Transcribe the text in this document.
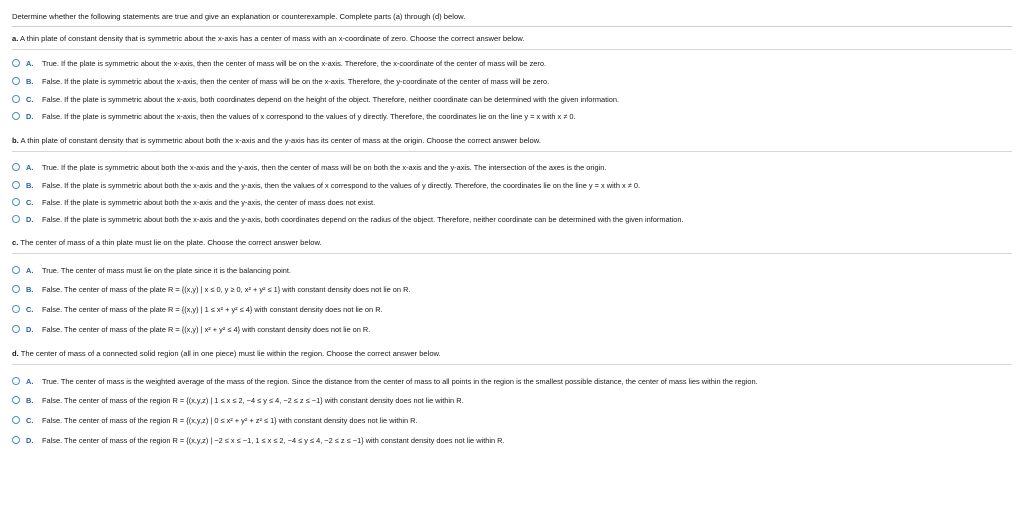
Determine whether the following statements are true and give an explanation or counterexample. Complete parts (a) through (d) below.
a. A thin plate of constant density that is symmetric about the x-axis has a center of mass with an x-coordinate of zero. Choose the correct answer below.
A.	True. If the plate is symmetric about the x-axis, then the center of mass will be on the x-axis. Therefore, the x-coordinate of the center of mass will be zero.
B.	False. If the plate is symmetric about the x-axis, then the center of mass will be on the x-axis. Therefore, the y-coordinate of the center of mass will be zero.
C.	False. If the plate is symmetric about the x-axis, both coordinates depend on the height of the object. Therefore, neither coordinate can be determined with the given information.
D.	False. If the plate is symmetric about the x-axis, then the values of x correspond to the values of y directly. Therefore, the coordinates lie on the line y = x with x ≠ 0.
b. A thin plate of constant density that is symmetric about both the x-axis and the y-axis has its center of mass at the origin. Choose the correct answer below.
A.	True. If the plate is symmetric about both the x-axis and the y-axis, then the center of mass will be on both the x-axis and the y-axis. The intersection of the axes is the origin.
B.	False. If the plate is symmetric about both the x-axis and the y-axis, then the values of x correspond to the values of y directly. Therefore, the coordinates lie on the line y = x with x ≠ 0.
C.	False. If the plate is symmetric about both the x-axis and the y-axis, the center of mass does not exist.
D.	False. If the plate is symmetric about both the x-axis and the y-axis, both coordinates depend on the radius of the object. Therefore, neither coordinate can be determined with the given information.
c. The center of mass of a thin plate must lie on the plate. Choose the correct answer below.
A.	True. The center of mass must lie on the plate since it is the balancing point.
B.	False. The center of mass of the plate R = {(x,y) | x ≤ 0, y ≥ 0, x² + y² ≤ 1} with constant density does not lie on R.
C.	False. The center of mass of the plate R = {(x,y) | 1 ≤ x² + y² ≤ 4} with constant density does not lie on R.
D.	False. The center of mass of the plate R = {(x,y) | x² + y² ≤ 4} with constant density does not lie on R.
d. The center of mass of a connected solid region (all in one piece) must lie within the region. Choose the correct answer below.
A.	True. The center of mass is the weighted average of the mass of the region. Since the distance from the center of mass to all points in the region is the smallest possible distance, the center of mass lies within the region.
B.	False. The center of mass of the region R = {(x,y,z) | 1 ≤ x ≤ 2, −4 ≤ y ≤ 4, −2 ≤ z ≤ −1} with constant density does not lie within R.
C.	False. The center of mass of the region R = {(x,y,z) | 0 ≤ x² + y² + z² ≤ 1} with constant density does not lie within R.
D.	False. The center of mass of the region R = {(x,y,z) | −2 ≤ x ≤ −1, 1 ≤ x ≤ 2, −4 ≤ y ≤ 4, −2 ≤ z ≤ −1} with constant density does not lie within R.
